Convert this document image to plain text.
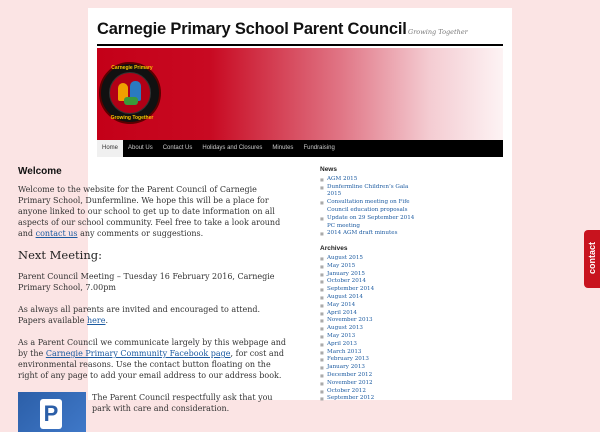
Carnegie Primary School Parent Council Growing Together
Carnegie Primary
Growing Together
Home	About Us	Contact Us	Holidays and Closures	Minutes	Fundraising
Welcome

Welcome to the website for the Parent Council of Carnegie Primary School, Dunfermline. We hope this will be a place for anyone linked to our school to get up to date information on all aspects of our school community. Feel free to take a look around and contact us any comments or suggestions.

Next Meeting:

Parent Council Meeting – Tuesday 16 February 2016, Carnegie Primary School, 7.00pm

As always all parents are invited and encouraged to attend. Papers available here.

As a Parent Council we communicate largely by this webpage and by the Carnegie Primary Community Facebook page, for cost and environmental reasons. Use the contact button floating on the right of any page to add your email address to our address book.

P
The Parent Council respectfully ask that you park with care and consideration.
News
■ AGM 2015
■ Dunfermline Children’s Gala 2015
■ Consultation meeting on Fife Council education proposals
■ Update on 29 September 2014 PC meeting
■ 2014 AGM draft minutes
Archives
■ August 2015
■ May 2015
■ January 2015
■ October 2014
■ September 2014
■ August 2014
■ May 2014
■ April 2014
■ November 2013
■ August 2013
■ May 2013
■ April 2013
■ March 2013
■ February 2013
■ January 2013
■ December 2012
■ November 2012
■ October 2012
■ September 2012
contact
